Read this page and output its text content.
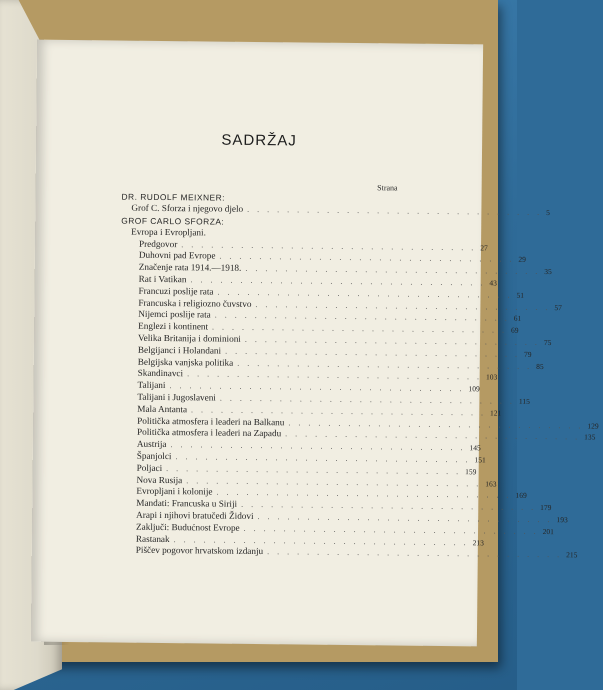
SADRŽAJ
Strana
DR. RUDOLF MEIXNER:
Grof C. Sforza i njegovo djelo . . . . . . . . . . . . . . . . . . . . . . . . . . . . . . 5
GROF CARLO SFORZA:
Evropa i Evropljani.
Predgovor . . . . . . . . . . . . . . . . . . . . . . . . . . . . . . 27
Duhovni pad Evrope . . . . . . . . . . . . . . . . . . . . . . . . . . . . . . 29
Značenje rata 1914.—1918. . . . . . . . . . . . . . . . . . . . . . . . . . . . . . . 35
Rat i Vatikan . . . . . . . . . . . . . . . . . . . . . . . . . . . . . . 43
Francuzi poslije rata . . . . . . . . . . . . . . . . . . . . . . . . . . . . . . 51
Francuska i religiozno čuvstvo . . . . . . . . . . . . . . . . . . . . . . . . . . . . . . 57
Nijemci poslije rata . . . . . . . . . . . . . . . . . . . . . . . . . . . . . . 61
Englezi i kontinent . . . . . . . . . . . . . . . . . . . . . . . . . . . . . . 69
Velika Britanija i dominioni . . . . . . . . . . . . . . . . . . . . . . . . . . . . . . 75
Belgijanci i Holandani . . . . . . . . . . . . . . . . . . . . . . . . . . . . . . 79
Belgijska vanjska politika . . . . . . . . . . . . . . . . . . . . . . . . . . . . . . 85
Skandinavci . . . . . . . . . . . . . . . . . . . . . . . . . . . . . . 103
Talijani . . . . . . . . . . . . . . . . . . . . . . . . . . . . . . 109
Talijani i Jugoslaveni . . . . . . . . . . . . . . . . . . . . . . . . . . . . . . 115
Mala Antanta . . . . . . . . . . . . . . . . . . . . . . . . . . . . . . 121
Politička atmosfera i leaderi na Balkanu . . . . . . . . . . . . . . . . . . . . . . . . . . . . . . 129
Politička atmosfera i leaderi na Zapadu . . . . . . . . . . . . . . . . . . . . . . . . . . . . . . 135
Austrija . . . . . . . . . . . . . . . . . . . . . . . . . . . . . . 145
Španjolci . . . . . . . . . . . . . . . . . . . . . . . . . . . . . . 151
Poljaci . . . . . . . . . . . . . . . . . . . . . . . . . . . . . . 159
Nova Rusija . . . . . . . . . . . . . . . . . . . . . . . . . . . . . . 163
Evropljani i kolonije . . . . . . . . . . . . . . . . . . . . . . . . . . . . . . 169
Mandati: Francuska u Siriji . . . . . . . . . . . . . . . . . . . . . . . . . . . . . . 179
Arapi i njihovi bratučedi Židovi . . . . . . . . . . . . . . . . . . . . . . . . . . . . . . 193
Zaključi: Budućnost Evrope . . . . . . . . . . . . . . . . . . . . . . . . . . . . . . 201
Rastanak . . . . . . . . . . . . . . . . . . . . . . . . . . . . . . 213
Piščev pogovor hrvatskom izdanju . . . . . . . . . . . . . . . . . . . . . . . . . . . . . . 215
